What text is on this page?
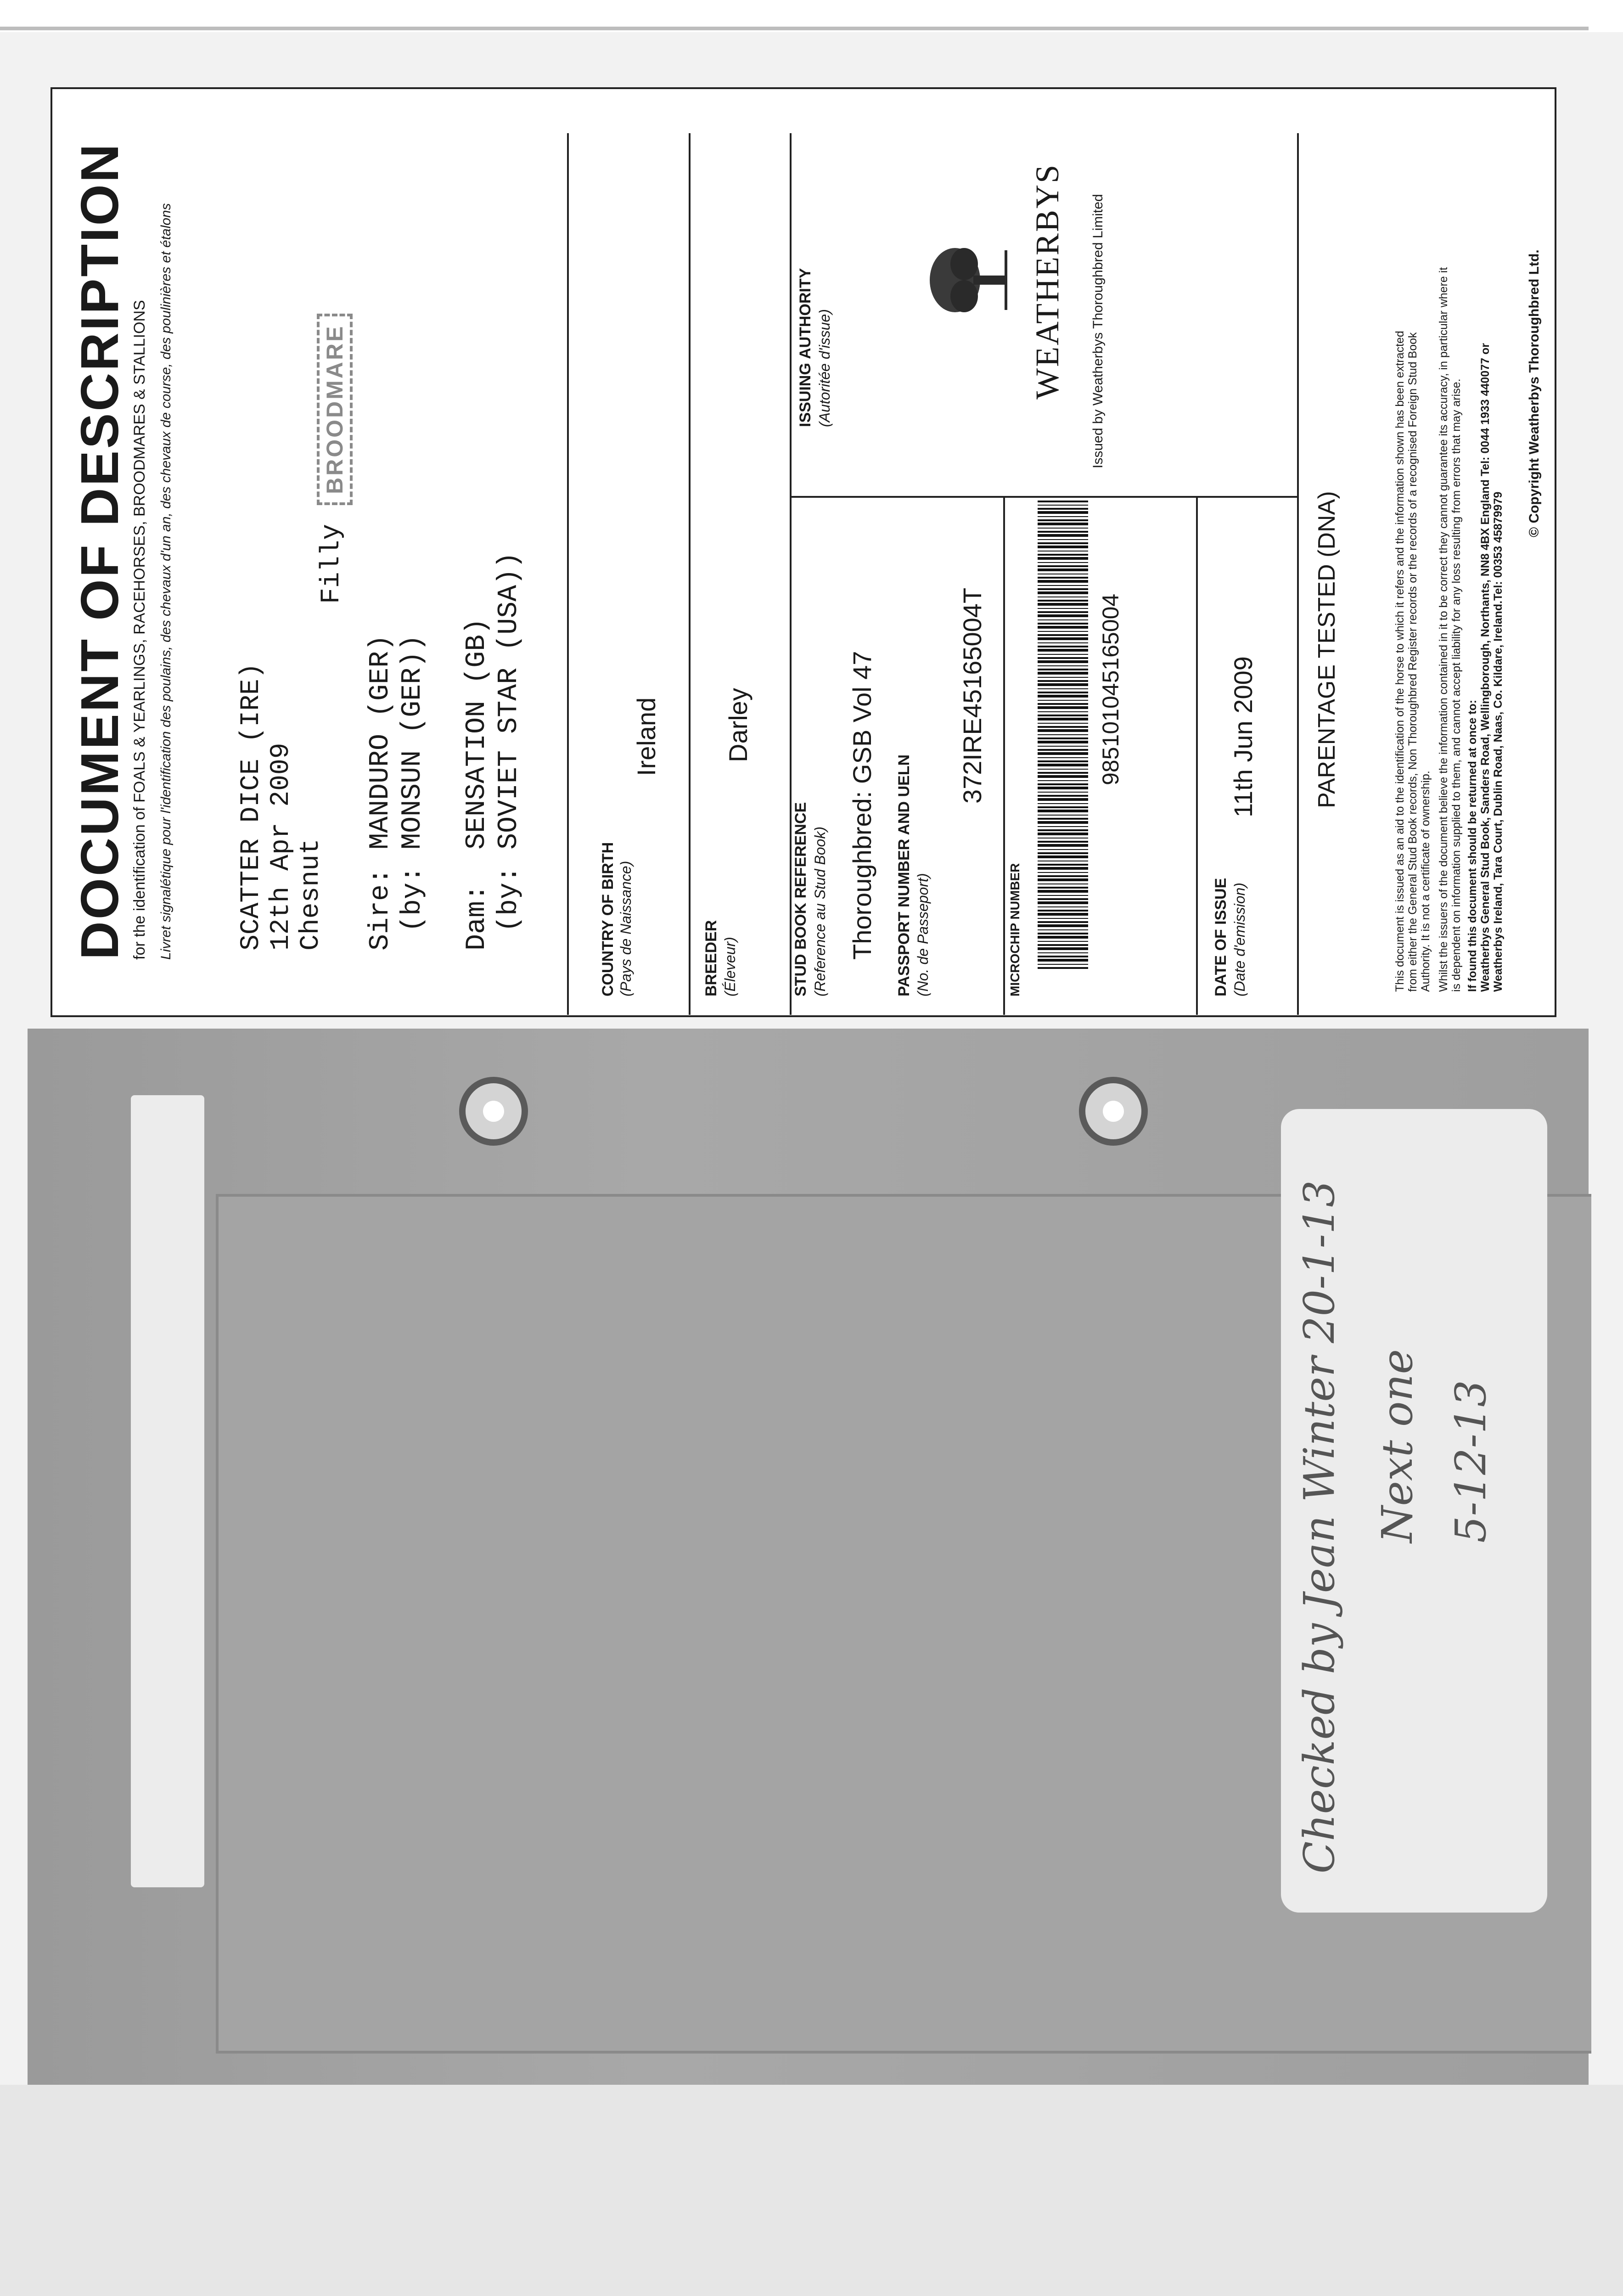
DOCUMENT OF DESCRIPTION for the identification of FOALS & YEARLINGS, RACEHORSES, BROODMARES & STALLIONS Livret signalétique pour l'identification des poulains, des chevaux d'un an, des chevaux de course, des poulinières et étalons SCATTER DICE (IRE) 12th Apr 2009 Chesnut
Filly
BROODMARE
Sire:
MANDURO (GER) (by: MONSUN (GER)) Dam:
SENSATION (GB) (by: SOVIET STAR (USA))	COUNTRY OF BIRTH (Pays de Naissance)
Ireland
BREEDER (Éleveur)
Darley
STUD BOOK REFERENCE (Reference au Stud Book) Thoroughbred: GSB Vol 47 PASSPORT NUMBER AND UELN (No. de Passeport)
372IRE45165004T
MICROCHIP NUMBER
985101045165004
DATE OF ISSUE (Date d'emission)
11th Jun 2009
ISSUING AUTHORITY (Autoritée d'issue)	WEATHERBYS Issued by Weatherbys Thoroughbred Limited
PARENTAGE TESTED (DNA)	This document is issued as an aid to the identification of the horse to which it refers and the information shown has been extracted from either the General Stud Book records, Non Thoroughbred Register records or the records of a recognised Foreign Stud Book Authority. It is not a certificate of ownership. Whilst the issuers of the document believe the information contained in it to be correct they cannot guarantee its accuracy, in particular where it is dependent on information supplied to them, and cannot accept liability for any loss resulting from errors that may arise. If found this document should be returned at once to: Weatherbys General Stud Book, Sanders Road, Wellingborough, Northants, NN8 4BX England Tel: 0044 1933 440077 or Weatherbys Ireland, Tara Court, Dublin Road, Naas, Co. Kildare, Ireland.Tel: 00353 45879979
© Copyright Weatherbys Thoroughbred Ltd.
Checked by Jean Winter 20-1-13 Next one 5-12-13
